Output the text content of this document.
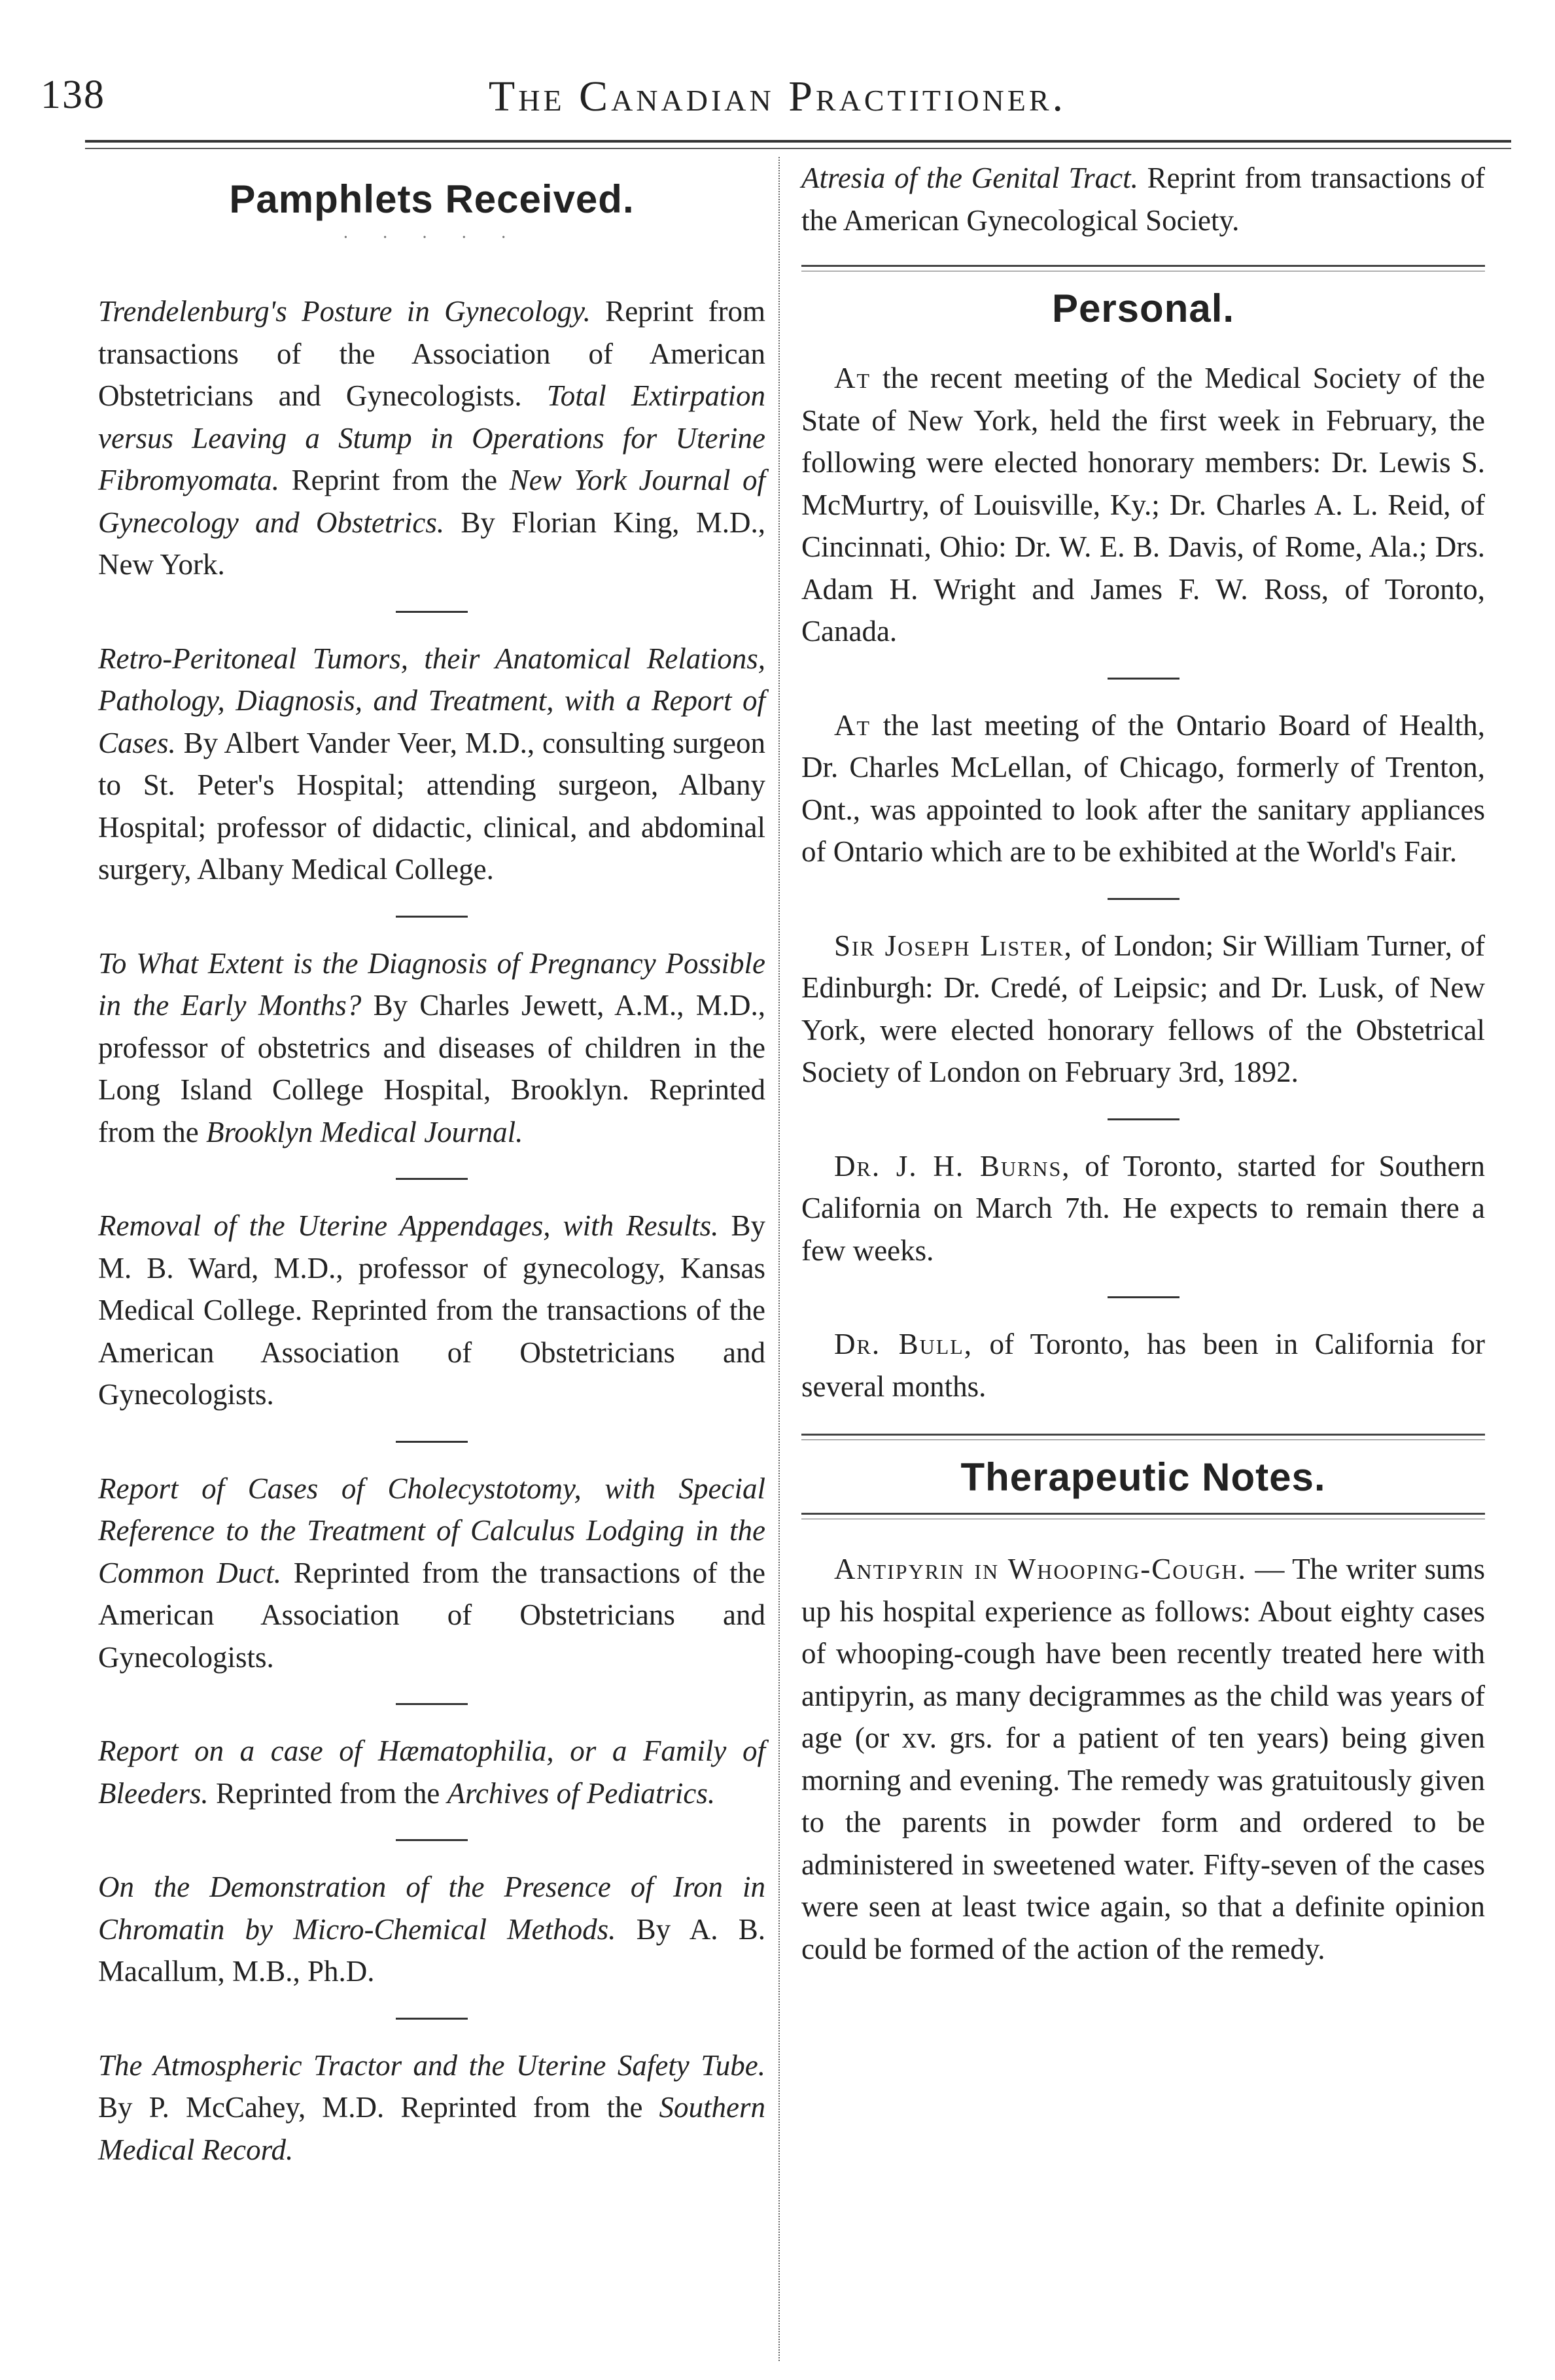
138	The Canadian Practitioner.
Pamphlets Received.
· · · · ·

Trendelenburg's Posture in Gynecology. Reprint from transactions of the Association of American Obstetricians and Gynecologists. Total Extirpation versus Leaving a Stump in Operations for Uterine Fibromyomata. Reprint from the New York Journal of Gynecology and Obstetrics. By Florian King, M.D., New York.

Retro-Peritoneal Tumors, their Anatomical Relations, Pathology, Diagnosis, and Treatment, with a Report of Cases. By Albert Vander Veer, M.D., consulting surgeon to St. Peter's Hospital; attending surgeon, Albany Hospital; professor of didactic, clinical, and abdominal surgery, Albany Medical College.

To What Extent is the Diagnosis of Pregnancy Possible in the Early Months? By Charles Jewett, A.M., M.D., professor of obstetrics and diseases of children in the Long Island College Hospital, Brooklyn. Reprinted from the Brooklyn Medical Journal.

Removal of the Uterine Appendages, with Results. By M. B. Ward, M.D., professor of gynecology, Kansas Medical College. Reprinted from the transactions of the American Association of Obstetricians and Gynecologists.

Report of Cases of Cholecystotomy, with Special Reference to the Treatment of Calculus Lodging in the Common Duct. Reprinted from the transactions of the American Association of Obstetricians and Gynecologists.

Report on a case of Hæmatophilia, or a Family of Bleeders. Reprinted from the Archives of Pediatrics.

On the Demonstration of the Presence of Iron in Chromatin by Micro-Chemical Methods. By A. B. Macallum, M.B., Ph.D.

The Atmospheric Tractor and the Uterine Safety Tube. By P. McCahey, M.D. Reprinted from the Southern Medical Record.

Atresia of the Genital Tract. Reprint from transactions of the American Gynecological Society.

Personal.

At the recent meeting of the Medical Society of the State of New York, held the first week in February, the following were elected honorary members: Dr. Lewis S. McMurtry, of Louisville, Ky.; Dr. Charles A. L. Reid, of Cincinnati, Ohio: Dr. W. E. B. Davis, of Rome, Ala.; Drs. Adam H. Wright and James F. W. Ross, of Toronto, Canada.

At the last meeting of the Ontario Board of Health, Dr. Charles McLellan, of Chicago, formerly of Trenton, Ont., was appointed to look after the sanitary appliances of Ontario which are to be exhibited at the World's Fair.

Sir Joseph Lister, of London; Sir William Turner, of Edinburgh: Dr. Credé, of Leipsic; and Dr. Lusk, of New York, were elected honorary fellows of the Obstetrical Society of London on February 3rd, 1892.

Dr. J. H. Burns, of Toronto, started for Southern California on March 7th. He expects to remain there a few weeks.

Dr. Bull, of Toronto, has been in California for several months.

Therapeutic Notes.

Antipyrin in Whooping-Cough. — The writer sums up his hospital experience as follows: About eighty cases of whooping-cough have been recently treated here with antipyrin, as many decigrammes as the child was years of age (or xv. grs. for a patient of ten years) being given morning and evening. The remedy was gratuitously given to the parents in powder form and ordered to be administered in sweetened water. Fifty-seven of the cases were seen at least twice again, so that a definite opinion could be formed of the action of the remedy.
